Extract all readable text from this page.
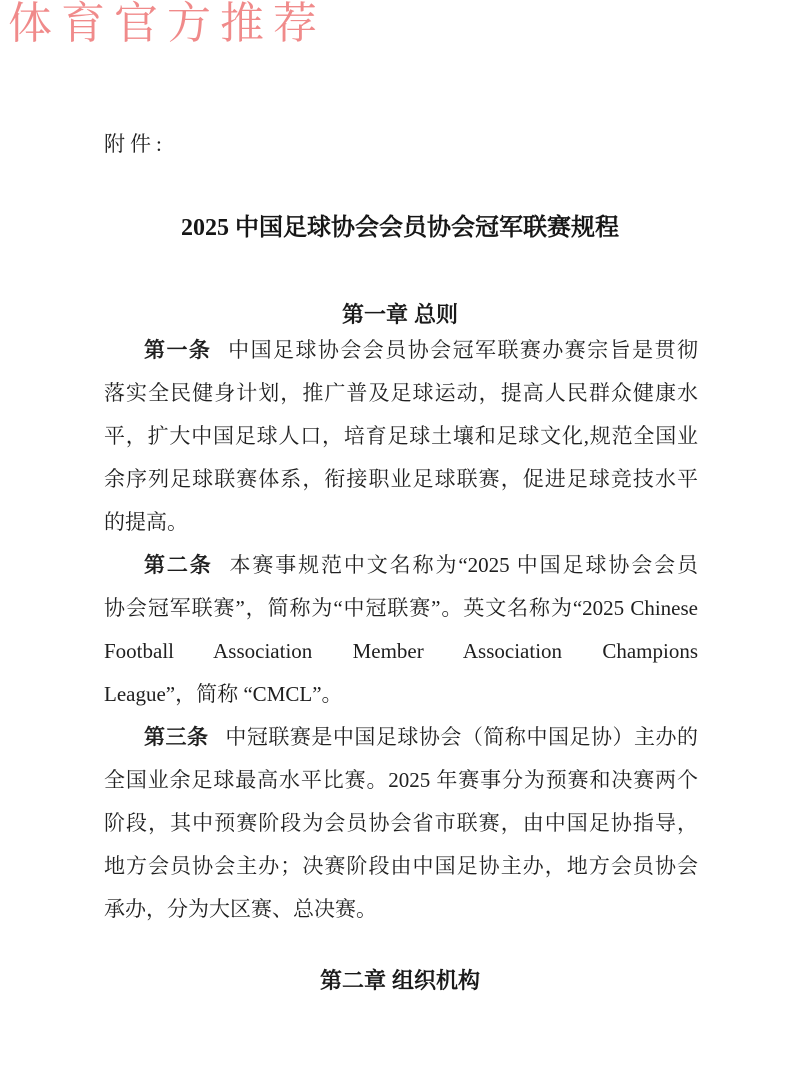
体育官方推荐
附件:
2025 中国足球协会会员协会冠军联赛规程
第一章 总则
第一条 中国足球协会会员协会冠军联赛办赛宗旨是贯彻
落实全民健身计划，推广普及足球运动，提高人民群众健康水
平，扩大中国足球人口，培育足球土壤和足球文化,规范全国业
余序列足球联赛体系，衔接职业足球联赛，促进足球竞技水平
的提高。
第二条 本赛事规范中文名称为“2025 中国足球协会会员
协会冠军联赛”，简称为“中冠联赛”。英文名称为“2025 Chinese
Football Association Member Association Champions
League”，简称 “CMCL”。
第三条 中冠联赛是中国足球协会（简称中国足协）主办的
全国业余足球最高水平比赛。2025 年赛事分为预赛和决赛两个
阶段，其中预赛阶段为会员协会省市联赛，由中国足协指导，
地方会员协会主办；决赛阶段由中国足协主办，地方会员协会
承办，分为大区赛、总决赛。
第二章 组织机构
